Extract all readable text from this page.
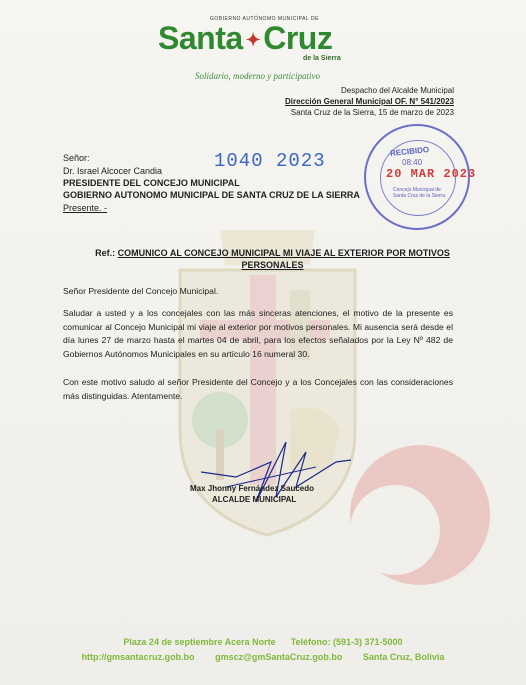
GOBIERNO AUTÓNOMO MUNICIPAL DE
Santa ✦Cruz
de la Sierra
Solidario, moderno y participativo
Despacho del Alcalde Municipal
Dirección General Municipal OF. N° 541/2023
Santa Cruz de la Sierra, 15 de marzo de 2023
1040 2023	RECIBIDO
08:40
20 MAR 2023
Concejo Municipal de Santa Cruz de la Sierra
Señor:
Dr. Israel Alcocer Candia
PRESIDENTE DEL CONCEJO MUNICIPAL
GOBIERNO AUTONOMO MUNICIPAL DE SANTA CRUZ DE LA SIERRA
Presente. -
Ref.: COMUNICO AL CONCEJO MUNICIPAL MI VIAJE AL EXTERIOR POR MOTIVOS PERSONALES
Señor Presidente del Concejo Municipal.
Saludar a usted y a los concejales con las más sinceras atenciones, el motivo de la presente es comunicar al Concejo Municipal mi viaje al exterior por motivos personales. Mi ausencia será desde el día lunes 27 de marzo hasta el martes 04 de abril, para los efectos señalados por la Ley Nº 482 de Gobiernos Autónomos Municipales en su artículo 16 numeral 30.
Con este motivo saludo al señor Presidente del Concejo y a los Concejales con las consideraciones más distinguidas. Atentamente.
Max Jhonny Fernández Saucedo
ALCALDE MUNICIPAL
Plaza 24 de septiembre Acera Norte Teléfono: (591-3) 371-5000
http://gmsantacruz.gob.bo gmscz@gmSantaCruz.gob.bo Santa Cruz, Bolivia
